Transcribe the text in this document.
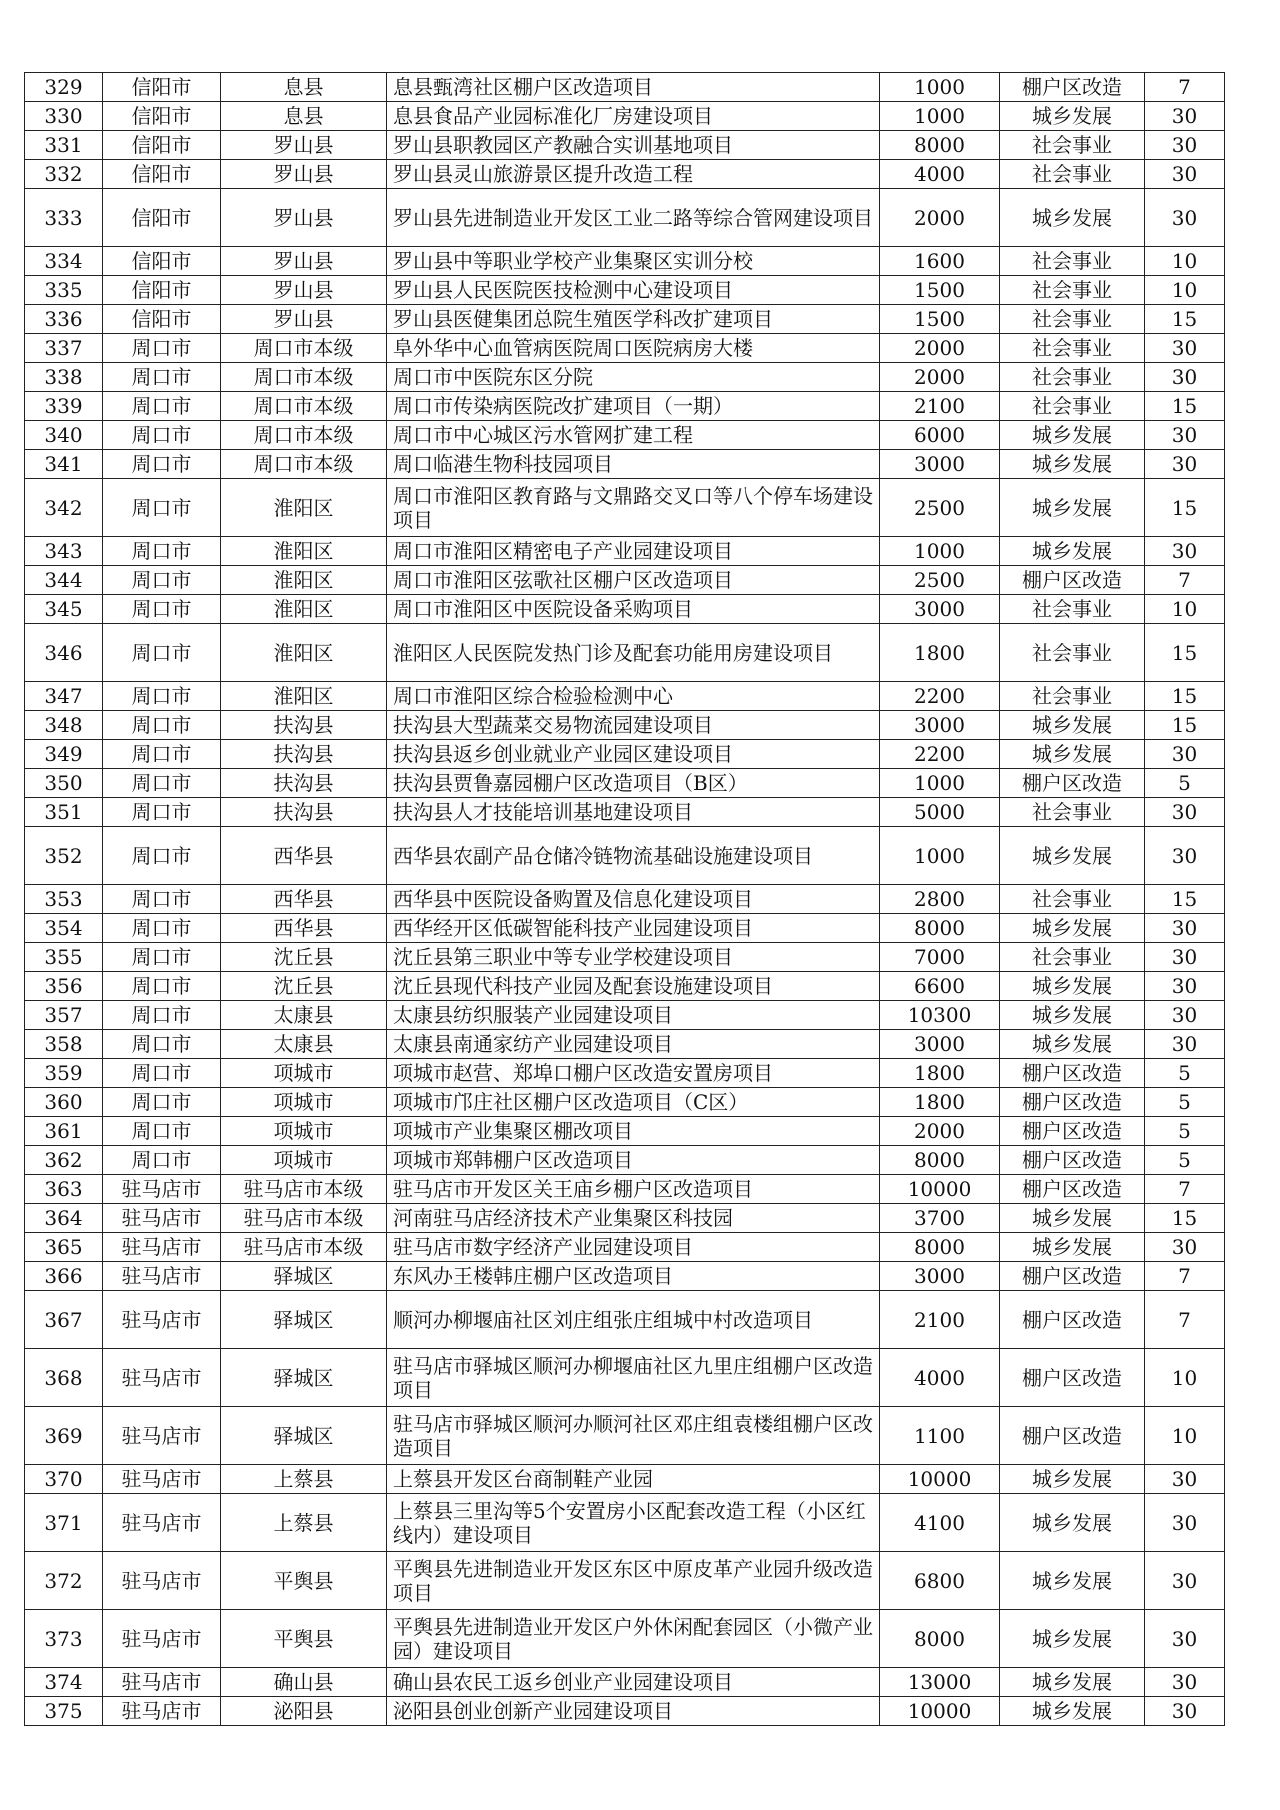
329	信阳市	息县	息县甄湾社区棚户区改造项目	1000	棚户区改造	7
330	信阳市	息县	息县食品产业园标准化厂房建设项目	1000	城乡发展	30
331	信阳市	罗山县	罗山县职教园区产教融合实训基地项目	8000	社会事业	30
332	信阳市	罗山县	罗山县灵山旅游景区提升改造工程	4000	社会事业	30
333	信阳市	罗山县	罗山县先进制造业开发区工业二路等综合管网建设项目	2000	城乡发展	30
334	信阳市	罗山县	罗山县中等职业学校产业集聚区实训分校	1600	社会事业	10
335	信阳市	罗山县	罗山县人民医院医技检测中心建设项目	1500	社会事业	10
336	信阳市	罗山县	罗山县医健集团总院生殖医学科改扩建项目	1500	社会事业	15
337	周口市	周口市本级	阜外华中心血管病医院周口医院病房大楼	2000	社会事业	30
338	周口市	周口市本级	周口市中医院东区分院	2000	社会事业	30
339	周口市	周口市本级	周口市传染病医院改扩建项目（一期）	2100	社会事业	15
340	周口市	周口市本级	周口市中心城区污水管网扩建工程	6000	城乡发展	30
341	周口市	周口市本级	周口临港生物科技园项目	3000	城乡发展	30
342	周口市	淮阳区	周口市淮阳区教育路与文鼎路交叉口等八个停车场建设项目	2500	城乡发展	15
343	周口市	淮阳区	周口市淮阳区精密电子产业园建设项目	1000	城乡发展	30
344	周口市	淮阳区	周口市淮阳区弦歌社区棚户区改造项目	2500	棚户区改造	7
345	周口市	淮阳区	周口市淮阳区中医院设备采购项目	3000	社会事业	10
346	周口市	淮阳区	淮阳区人民医院发热门诊及配套功能用房建设项目	1800	社会事业	15
347	周口市	淮阳区	周口市淮阳区综合检验检测中心	2200	社会事业	15
348	周口市	扶沟县	扶沟县大型蔬菜交易物流园建设项目	3000	城乡发展	15
349	周口市	扶沟县	扶沟县返乡创业就业产业园区建设项目	2200	城乡发展	30
350	周口市	扶沟县	扶沟县贾鲁嘉园棚户区改造项目（B区）	1000	棚户区改造	5
351	周口市	扶沟县	扶沟县人才技能培训基地建设项目	5000	社会事业	30
352	周口市	西华县	西华县农副产品仓储冷链物流基础设施建设项目	1000	城乡发展	30
353	周口市	西华县	西华县中医院设备购置及信息化建设项目	2800	社会事业	15
354	周口市	西华县	西华经开区低碳智能科技产业园建设项目	8000	城乡发展	30
355	周口市	沈丘县	沈丘县第三职业中等专业学校建设项目	7000	社会事业	30
356	周口市	沈丘县	沈丘县现代科技产业园及配套设施建设项目	6600	城乡发展	30
357	周口市	太康县	太康县纺织服装产业园建设项目	10300	城乡发展	30
358	周口市	太康县	太康县南通家纺产业园建设项目	3000	城乡发展	30
359	周口市	项城市	项城市赵营、郑埠口棚户区改造安置房项目	1800	棚户区改造	5
360	周口市	项城市	项城市邝庄社区棚户区改造项目（C区）	1800	棚户区改造	5
361	周口市	项城市	项城市产业集聚区棚改项目	2000	棚户区改造	5
362	周口市	项城市	项城市郑韩棚户区改造项目	8000	棚户区改造	5
363	驻马店市	驻马店市本级	驻马店市开发区关王庙乡棚户区改造项目	10000	棚户区改造	7
364	驻马店市	驻马店市本级	河南驻马店经济技术产业集聚区科技园	3700	城乡发展	15
365	驻马店市	驻马店市本级	驻马店市数字经济产业园建设项目	8000	城乡发展	30
366	驻马店市	驿城区	东风办王楼韩庄棚户区改造项目	3000	棚户区改造	7
367	驻马店市	驿城区	顺河办柳堰庙社区刘庄组张庄组城中村改造项目	2100	棚户区改造	7
368	驻马店市	驿城区	驻马店市驿城区顺河办柳堰庙社区九里庄组棚户区改造项目	4000	棚户区改造	10
369	驻马店市	驿城区	驻马店市驿城区顺河办顺河社区邓庄组袁楼组棚户区改造项目	1100	棚户区改造	10
370	驻马店市	上蔡县	上蔡县开发区台商制鞋产业园	10000	城乡发展	30
371	驻马店市	上蔡县	上蔡县三里沟等5个安置房小区配套改造工程（小区红线内）建设项目	4100	城乡发展	30
372	驻马店市	平舆县	平舆县先进制造业开发区东区中原皮革产业园升级改造项目	6800	城乡发展	30
373	驻马店市	平舆县	平舆县先进制造业开发区户外休闲配套园区（小微产业园）建设项目	8000	城乡发展	30
374	驻马店市	确山县	确山县农民工返乡创业产业园建设项目	13000	城乡发展	30
375	驻马店市	泌阳县	泌阳县创业创新产业园建设项目	10000	城乡发展	30
